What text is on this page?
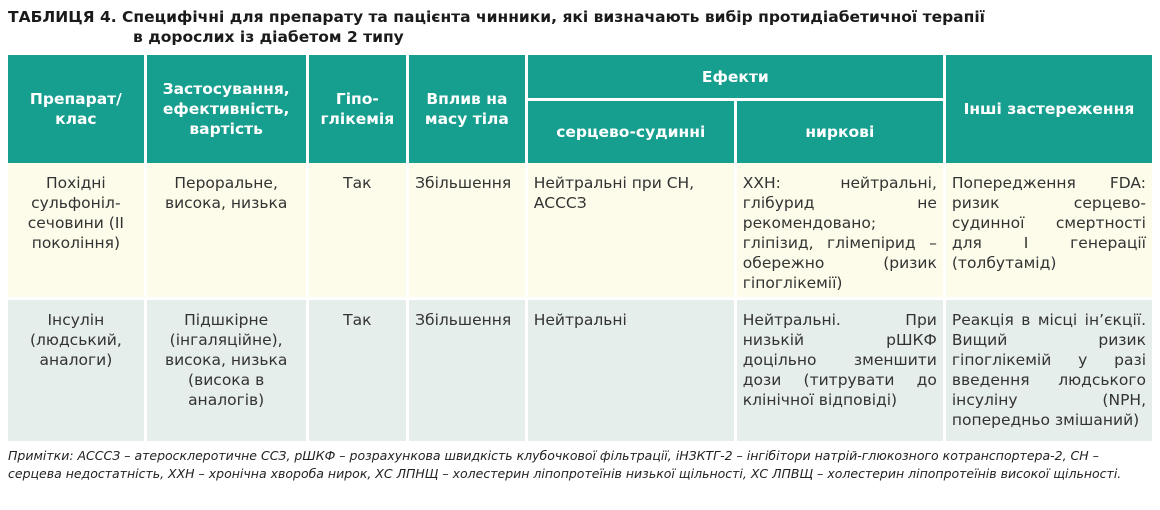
ТАБЛИЦЯ 4. Специфічні для препарату та пацієнта чинники, які визначають вибір протидіабетичної терапії
в дорослих із діабетом 2 типу
Препарат/ клас	Застосування, ефективність, вартість	Гіпо-глікемія	Вплив на масу тіла	Ефекти		Інші застереження
				серцево-судинні	ниркові	
Похідні сульфоніл-сечовини (II покоління)	Пероральне, висока, низька	Так	Збільшення	Нейтральні при СН, АСССЗ	ХХН: нейтральні, глібурид не рекомендовано; гліпізид, глімепірид – обережно (ризик гіпоглікемії)	Попередження FDA: ризик серцево-судинної смертності для I генерації (толбутамід)
Інсулін (людський, аналоги)	Підшкірне (інгаляційне), висока, низька (висока в аналогів)	Так	Збільшення	Нейтральні	Нейтральні. При низькій рШКФ доцільно зменшити дози (титрувати до клінічної відповіді)	Реакція в місці ін’єкції. Вищий ризик гіпоглікемій у разі введення людського інсуліну (NPH, попередньо змішаний)
Примітки: АСССЗ – атеросклеротичне ССЗ, рШКФ – розрахункова швидкість клубочкової фільтрації, іНЗКТГ-2 – інгібітори натрій-глюкозного котранспортера-2, СН – серцева недостатність, ХХН – хронічна хвороба нирок, ХС ЛПНЩ – холестерин ліпопротеїнів низької щільності, ХС ЛПВЩ – холестерин ліпопротеїнів високої щільності.
